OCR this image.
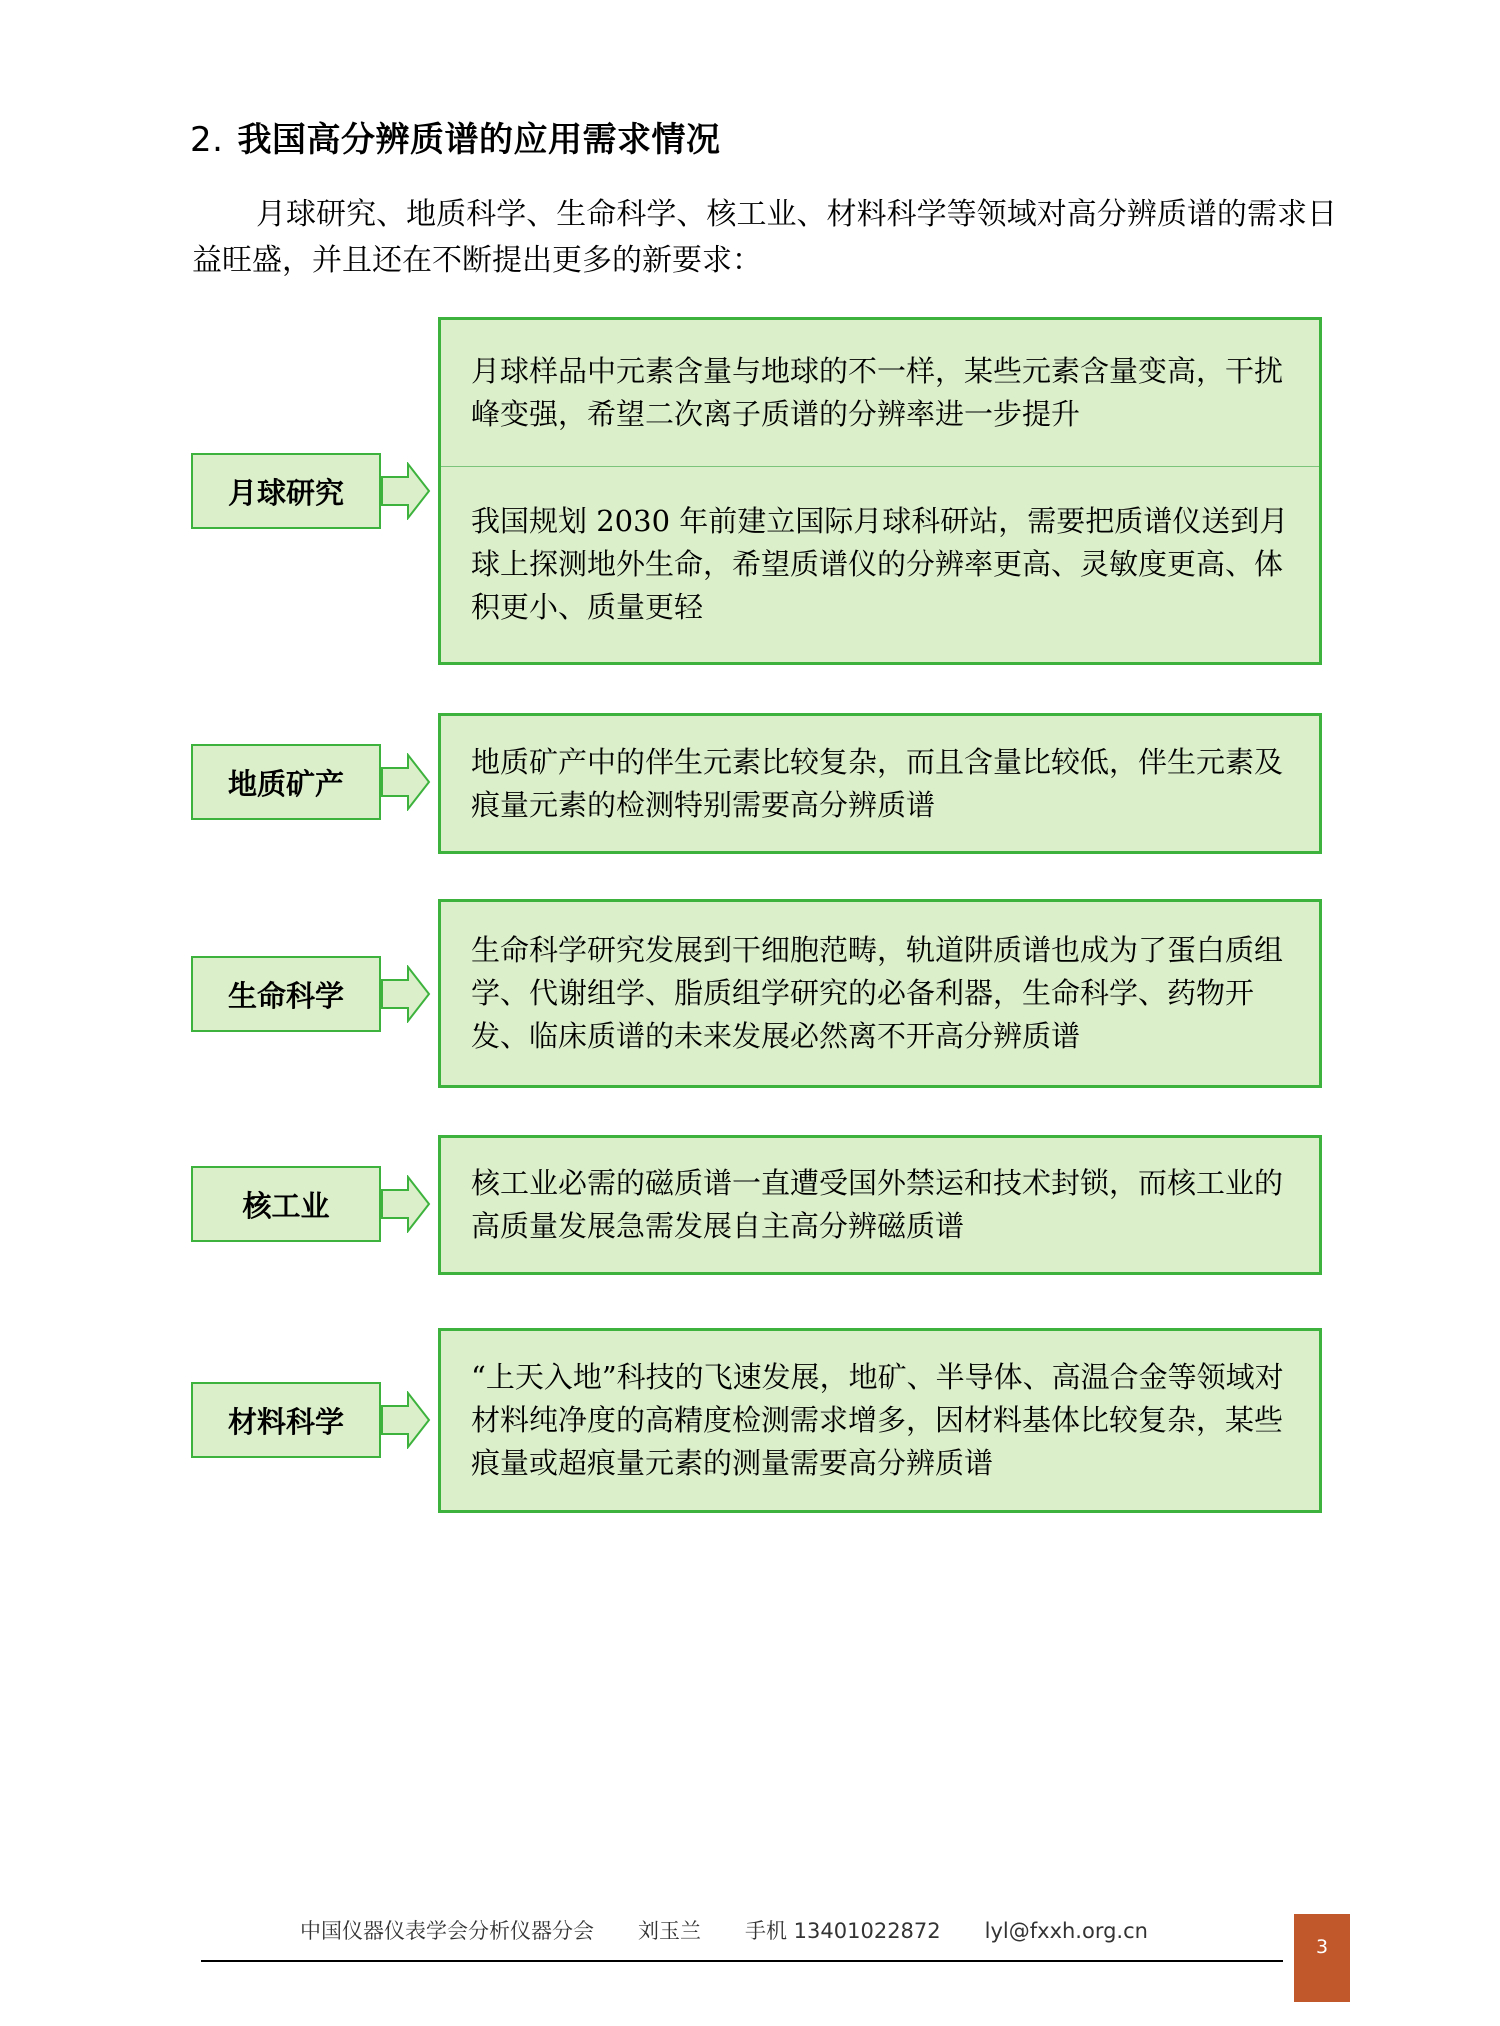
2. 我国高分辨质谱的应用需求情况

月球研究、地质科学、生命科学、核工业、材料科学等领域对高分辨质谱的需求日益旺盛，并且还在不断提出更多的新要求：

月球研究

月球样品中元素含量与地球的不一样，某些元素含量变高，干扰峰变强，希望二次离子质谱的分辨率进一步提升

我国规划 2030 年前建立国际月球科研站，需要把质谱仪送到月球上探测地外生命，希望质谱仪的分辨率更高、灵敏度更高、体积更小、质量更轻

地质矿产

地质矿产中的伴生元素比较复杂，而且含量比较低，伴生元素及痕量元素的检测特别需要高分辨质谱

生命科学

生命科学研究发展到干细胞范畴，轨道阱质谱也成为了蛋白质组学、代谢组学、脂质组学研究的必备利器，生命科学、药物开发、临床质谱的未来发展必然离不开高分辨质谱

核工业

核工业必需的磁质谱一直遭受国外禁运和技术封锁，而核工业的高质量发展急需发展自主高分辨磁质谱

材料科学

“上天入地”科技的飞速发展，地矿、半导体、高温合金等领域对材料纯净度的高精度检测需求增多，因材料基体比较复杂，某些痕量或超痕量元素的测量需要高分辨质谱

中国仪器仪表学会分析仪器分会 刘玉兰 手机 13401022872 lyl@fxxh.org.cn
3
